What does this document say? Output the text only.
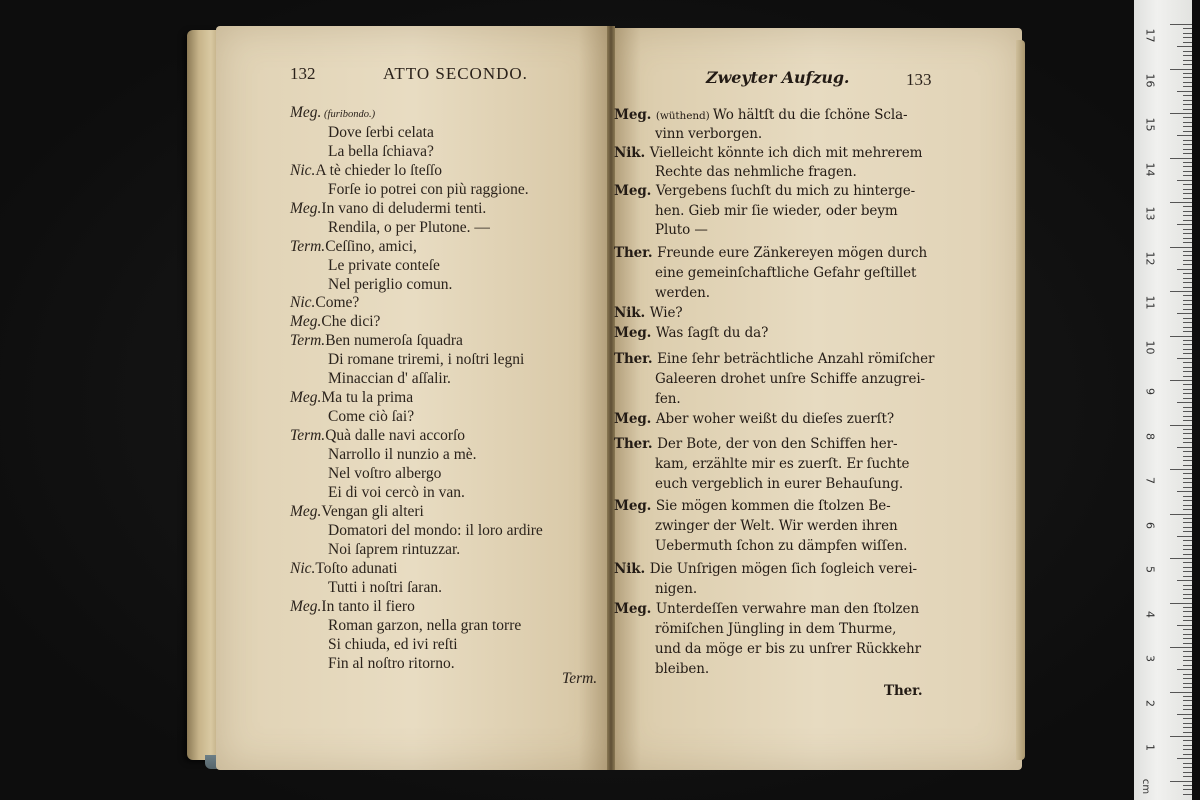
132	ATTO SECONDO.	Zweyter Aufzug.	133
Meg. (furibondo.)
Dove ſerbi celata
La bella ſchiava?
Nic.A tè chieder lo ſteſſo
Forſe io potrei con più raggione.
Meg.In vano di deludermi tenti.
Rendila, o per Plutone. —
Term.Ceſſino, amici,
Le private conteſe
Nel periglio comun.
Nic.Come?
Meg.Che dici?
Term.Ben numeroſa ſquadra
Di romane triremi, i noſtri legni
Minaccian d' aſſalir.
Meg.Ma tu la prima
Come ciò ſai?
Term.Quà dalle navi accorſo
Narrollo il nunzio a mè.
Nel voſtro albergo
Ei di voi cercò in van.
Meg.Vengan gli alteri
Domatori del mondo: il loro ardire
Noi ſaprem rintuzzar.
Nic.Toſto adunati
Tutti i noſtri ſaran.
Meg.In tanto il fiero
Roman garzon, nella gran torre
Si chiuda, ed ivi reſti
Fin al noſtro ritorno.
Meg. (wüthend) Wo hältſt du die ſchöne Scla-
vinn verborgen.
Nik. Vielleicht könnte ich dich mit mehrerem
Rechte das nehmliche fragen.
Meg. Vergebens ſuchſt du mich zu hinterge-
hen. Gieb mir ſie wieder, oder beym
Pluto —
Ther. Freunde eure Zänkereyen mögen durch
eine gemeinſchaftliche Gefahr geſtillet
werden.
Nik. Wie?
Meg. Was ſagſt du da?
Ther. Eine ſehr beträchtliche Anzahl römiſcher
Galeeren drohet unſre Schiffe anzugrei-
fen.
Meg. Aber woher weißt du dieſes zuerſt?
Ther. Der Bote, der von den Schiffen her-
kam, erzählte mir es zuerſt. Er ſuchte
euch vergeblich in eurer Behauſung.
Meg. Sie mögen kommen die ſtolzen Be-
zwinger der Welt. Wir werden ihren
Uebermuth ſchon zu dämpfen wiſſen.
Nik. Die Unſrigen mögen ſich ſogleich verei-
nigen.
Meg. Unterdeſſen verwahre man den ſtolzen
römiſchen Jüngling in dem Thurme,
und da möge er bis zu unſrer Rückkehr
bleiben.
Term.
Ther.
17
16
15
14
13
12
11
10
9
8
7
6
5
4
3
2
1
cm
